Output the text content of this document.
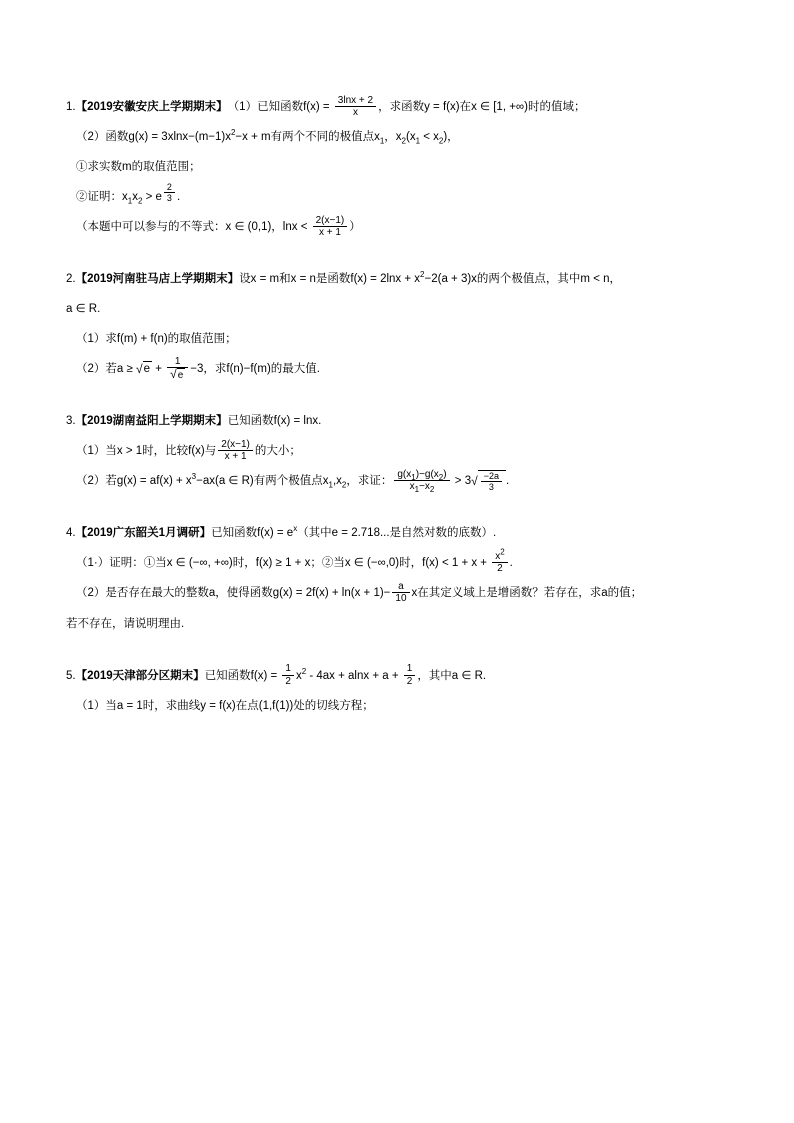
1.【2019安徽安庆上学期期末】（1）已知函数$f(x) = \frac{3\ln x + 2}{x}$ ，求函数y = f(x)在x ∈ [1, +∞)时的值域；
（2）函数$g(x) = 3xlnx-(m-1)x^2-x + m$有两个不同的极值点$x_1$，$x_2(x_1 < x_2)$，
①求实数m的取值范围；
②证明：$x_1x_2 > e$ $^{\frac{2}{3}}$ .
（本题中可以参与的不等式：x ∈ (0,1)，$\ln x < \frac{2(x-1)}{x + 1}$ ）
2.【2019河南驻马店上学期期末】设x = m和x = n是函数$f(x) = 2\ln x + x^2-2(a + 3)x$的两个极值点，其中m < n，
a ∈ R.
（1）求f(m) + f(n)的取值范围；
（2）若$a \ge √e + \frac{1}{√e} -3$，求f(n)−f(m)的最大值.
3.【2019湖南益阳上学期期末】已知函数f(x) = lnx.
（1）当x > 1时，比较f(x)与 $\frac{2(x-1)}{x + 1}$ 的大小；
（2）若$g(x) = af(x) + x^3-ax(a$ ∈ R)有两个极值点$x_1,x_2$，求证： $\frac{g(x_1)-g(x_2)}{x_1-x_2} > 3√ \frac{-2a}{3}$ .
4.【2019广东韶关1月调研】已知函数$f(x) = e^x$（其中e = 2.718...是自然对数的底数）.
（1·）证明：①当x ∈ (−∞, +∞)时，f(x) ≥ 1 + x；②当x ∈ (−∞,0)时，$f(x) < 1 + x + \frac{x^2}{2}$ .
（2）是否存在最大的整数a，使得函数$g(x) = 2f(x) + \ln(x + 1)- \frac{a}{10}$ x在其定义域上是增函数？若存在，求a的值；
若不存在，请说明理由.
5.【2019天津部分区期末】已知函数$f(x) = \frac{1}{2} x^2 - 4ax + alnx + a + \frac{1}{2}$ ，其中a ∈ R.
（1）当a = 1时，求曲线y = f(x)在点(1,f(1))处的切线方程；
